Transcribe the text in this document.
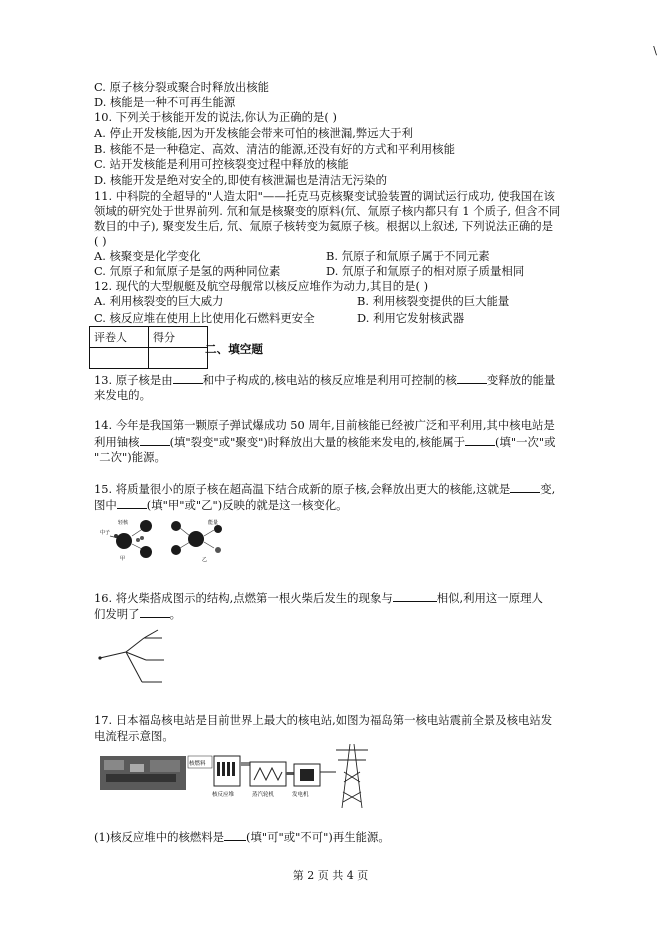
\
C. 原子核分裂或聚合时释放出核能
D. 核能是一种不可再生能源
10. 下列关于核能开发的说法,你认为正确的是( )
A. 停止开发核能,因为开发核能会带来可怕的核泄漏,弊远大于利
B. 核能不是一种稳定、高效、清洁的能源,还没有好的方式和平利用核能
C. 站开发核能是利用可控核裂变过程中释放的核能
D. 核能开发是绝对安全的,即使有核泄漏也是清洁无污染的
11. 中科院的全超导的"人造太阳"——托克马克核聚变试验装置的调试运行成功, 使我国在该
领域的研究处于世界前列. 氘和氚是核聚变的原料(氘、氚原子核内都只有 1 个质子, 但含不同
数目的中子), 聚变发生后, 氘、氚原子核转变为氦原子核。根据以上叙述, 下列说法正确的是
( )
A. 核聚变是化学变化	B. 氘原子和氚原子属于不同元素
C. 氘原子和氚原子是氢的两种同位素	D. 氘原子和氚原子的相对原子质量相同
12. 现代的大型舰艇及航空母舰常以核反应堆作为动力,其目的是( )
A. 利用核裂变的巨大威力	B. 利用核裂变提供的巨大能量
C. 核反应堆在使用上比使用化石燃料更安全	D. 利用它发射核武器
评卷人	得分

二、填空题
13. 原子核是由	和中子构成的,核电站的核反应堆是利用可控制的核	变释放的能量
来发电的。
14. 今年是我国第一颗原子弹试爆成功 50 周年,目前核能已经被广泛和平利用,其中核电站是
利用铀核	(填"裂变"或"聚变")时释放出大量的核能来发电的,核能属于	(填"一次"或
"二次")能源。
15. 将质量很小的原子核在超高温下结合成新的原子核,会释放出更大的核能,这就是	变,
图中	(填"甲"或"乙")反映的就是这一核变化。
中子
轻核
甲
能量
乙
16. 将火柴搭成图示的结构,点燃第一根火柴后发生的现象与	相似,利用这一原理人
们发明了	。
17. 日本福岛核电站是目前世界上最大的核电站,如图为福岛第一核电站震前全景及核电站发
电流程示意图。
核燃料
核反应堆	蒸汽轮机	发电机
(1)核反应堆中的核燃料是 (填"可"或"不可")再生能源。
第 2 页 共 4 页
